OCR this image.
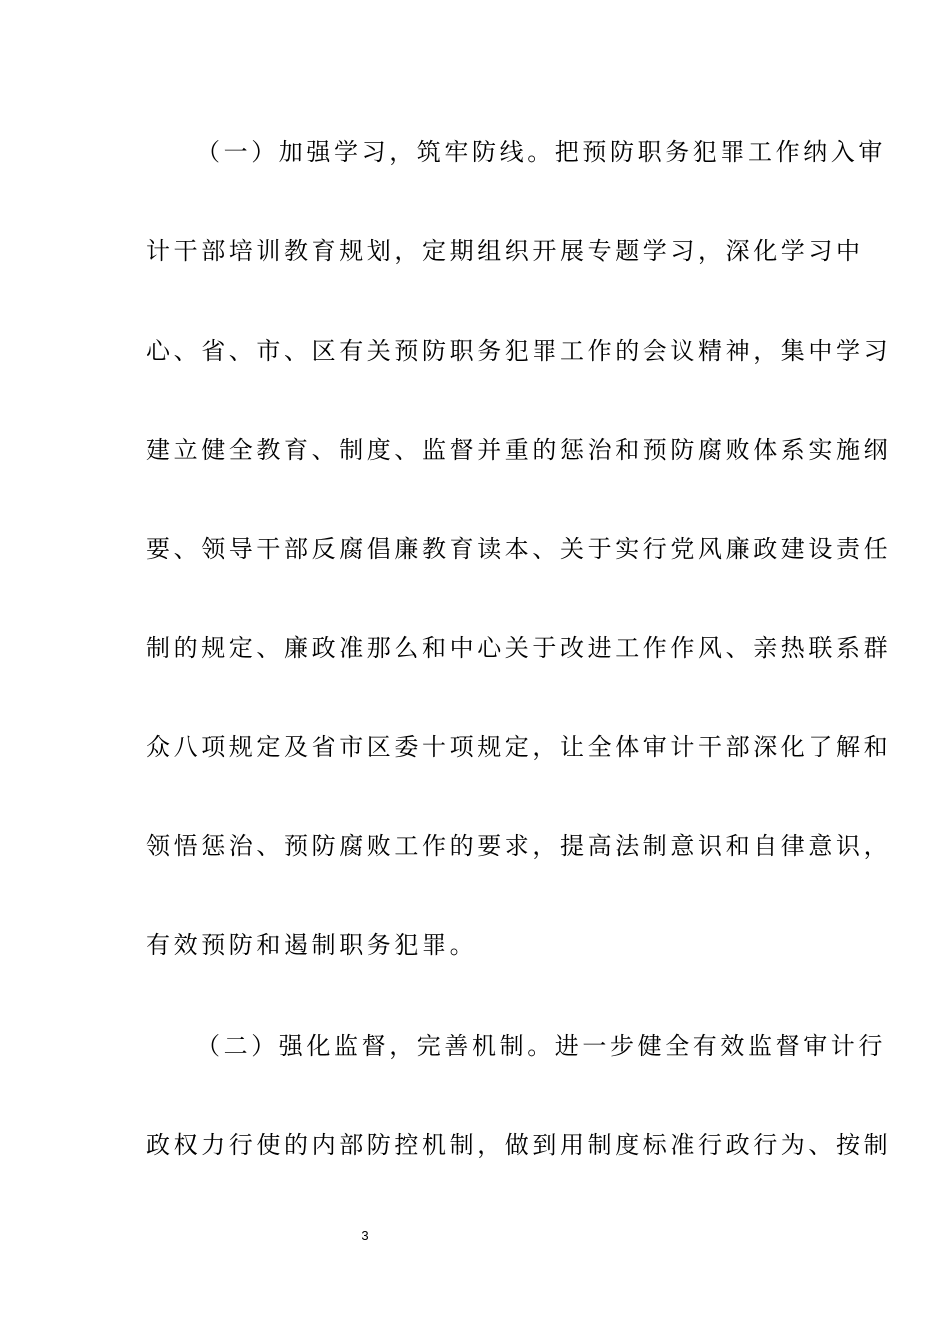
（一）加强学习，筑牢防线。把预防职务犯罪工作纳入审
计干部培训教育规划，定期组织开展专题学习，深化学习中
心、省、市、区有关预防职务犯罪工作的会议精神，集中学习
建立健全教育、制度、监督并重的惩治和预防腐败体系实施纲
要、领导干部反腐倡廉教育读本、关于实行党风廉政建设责任
制的规定、廉政准那么和中心关于改进工作作风、亲热联系群
众八项规定及省市区委十项规定，让全体审计干部深化了解和
领悟惩治、预防腐败工作的要求，提高法制意识和自律意识，
有效预防和遏制职务犯罪。
（二）强化监督，完善机制。进一步健全有效监督审计行
政权力行使的内部防控机制，做到用制度标准行政行为、按制
3
